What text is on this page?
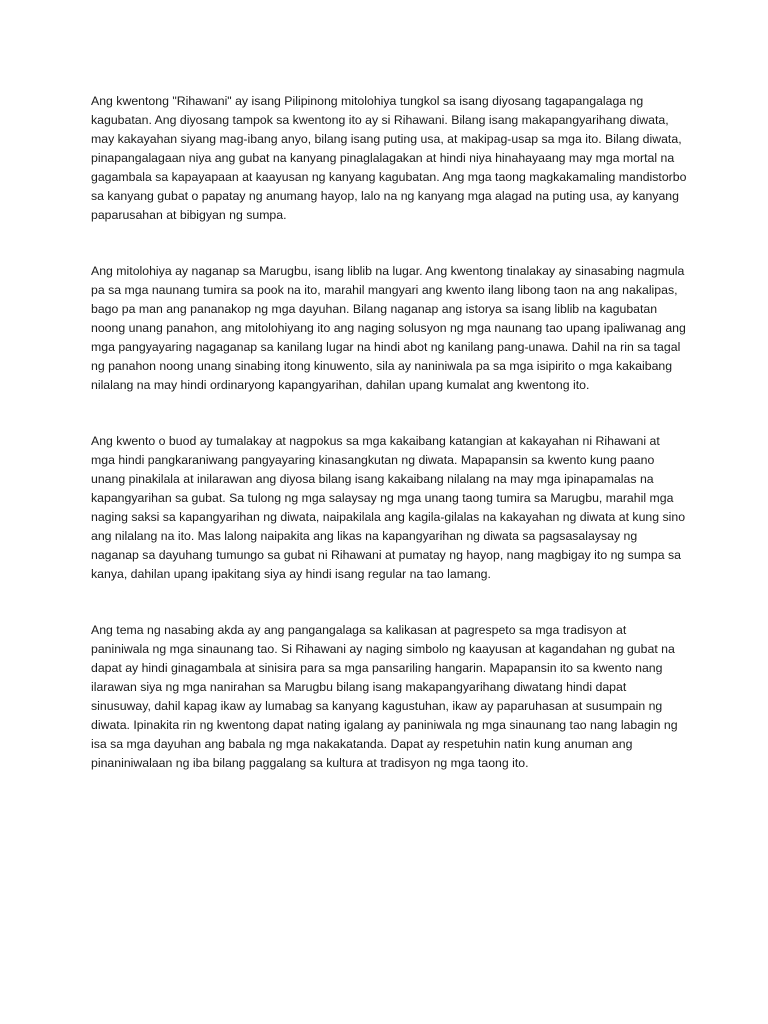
Ang kwentong "Rihawani" ay isang Pilipinong mitolohiya tungkol sa isang diyosang tagapangalaga ng kagubatan. Ang diyosang tampok sa kwentong ito ay si Rihawani. Bilang isang makapangyarihang diwata, may kakayahan siyang mag-ibang anyo, bilang isang puting usa, at makipag-usap sa mga ito. Bilang diwata, pinapangalagaan niya ang gubat na kanyang pinaglalagakan at hindi niya hinahayaang may mga mortal na gagambala sa kapayapaan at kaayusan ng kanyang kagubatan. Ang mga taong magkakamaling mandistorbo sa kanyang gubat o papatay ng anumang hayop, lalo na ng kanyang mga alagad na puting usa, ay kanyang paparusahan at bibigyan ng sumpa.

Ang mitolohiya ay naganap sa Marugbu, isang liblib na lugar. Ang kwentong tinalakay ay sinasabing nagmula pa sa mga naunang tumira sa pook na ito, marahil mangyari ang kwento ilang libong taon na ang nakalipas, bago pa man ang pananakop ng mga dayuhan. Bilang naganap ang istorya sa isang liblib na kagubatan noong unang panahon, ang mitolohiyang ito ang naging solusyon ng mga naunang tao upang ipaliwanag ang mga pangyayaring nagaganap sa kanilang lugar na hindi abot ng kanilang pang-unawa. Dahil na rin sa tagal ng panahon noong unang sinabing itong kinuwento, sila ay naniniwala pa sa mga isipirito o mga kakaibang nilalang na may hindi ordinaryong kapangyarihan, dahilan upang kumalat ang kwentong ito.

Ang kwento o buod ay tumalakay at nagpokus sa mga kakaibang katangian at kakayahan ni Rihawani at mga hindi pangkaraniwang pangyayaring kinasangkutan ng diwata. Mapapansin sa kwento kung paano unang pinakilala at inilarawan ang diyosa bilang isang kakaibang nilalang na may mga ipinapamalas na kapangyarihan sa gubat. Sa tulong ng mga salaysay ng mga unang taong tumira sa Marugbu, marahil mga naging saksi sa kapangyarihan ng diwata, naipakilala ang kagila-gilalas na kakayahan ng diwata at kung sino ang nilalang na ito. Mas lalong naipakita ang likas na kapangyarihan ng diwata sa pagsasalaysay ng naganap sa dayuhang tumungo sa gubat ni Rihawani at pumatay ng hayop, nang magbigay ito ng sumpa sa kanya, dahilan upang ipakitang siya ay hindi isang regular na tao lamang.

Ang tema ng nasabing akda ay ang pangangalaga sa kalikasan at pagrespeto sa mga tradisyon at paniniwala ng mga sinaunang tao. Si Rihawani ay naging simbolo ng kaayusan at kagandahan ng gubat na dapat ay hindi ginagambala at sinisira para sa mga pansariling hangarin. Mapapansin ito sa kwento nang ilarawan siya ng mga nanirahan sa Marugbu bilang isang makapangyarihang diwatang hindi dapat sinusuway, dahil kapag ikaw ay lumabag sa kanyang kagustuhan, ikaw ay paparuhasan at susumpain ng diwata. Ipinakita rin ng kwentong dapat nating igalang ay paniniwala ng mga sinaunang tao nang labagin ng isa sa mga dayuhan ang babala ng mga nakakatanda. Dapat ay respetuhin natin kung anuman ang pinaniniwalaan ng iba bilang paggalang sa kultura at tradisyon ng mga taong ito.
